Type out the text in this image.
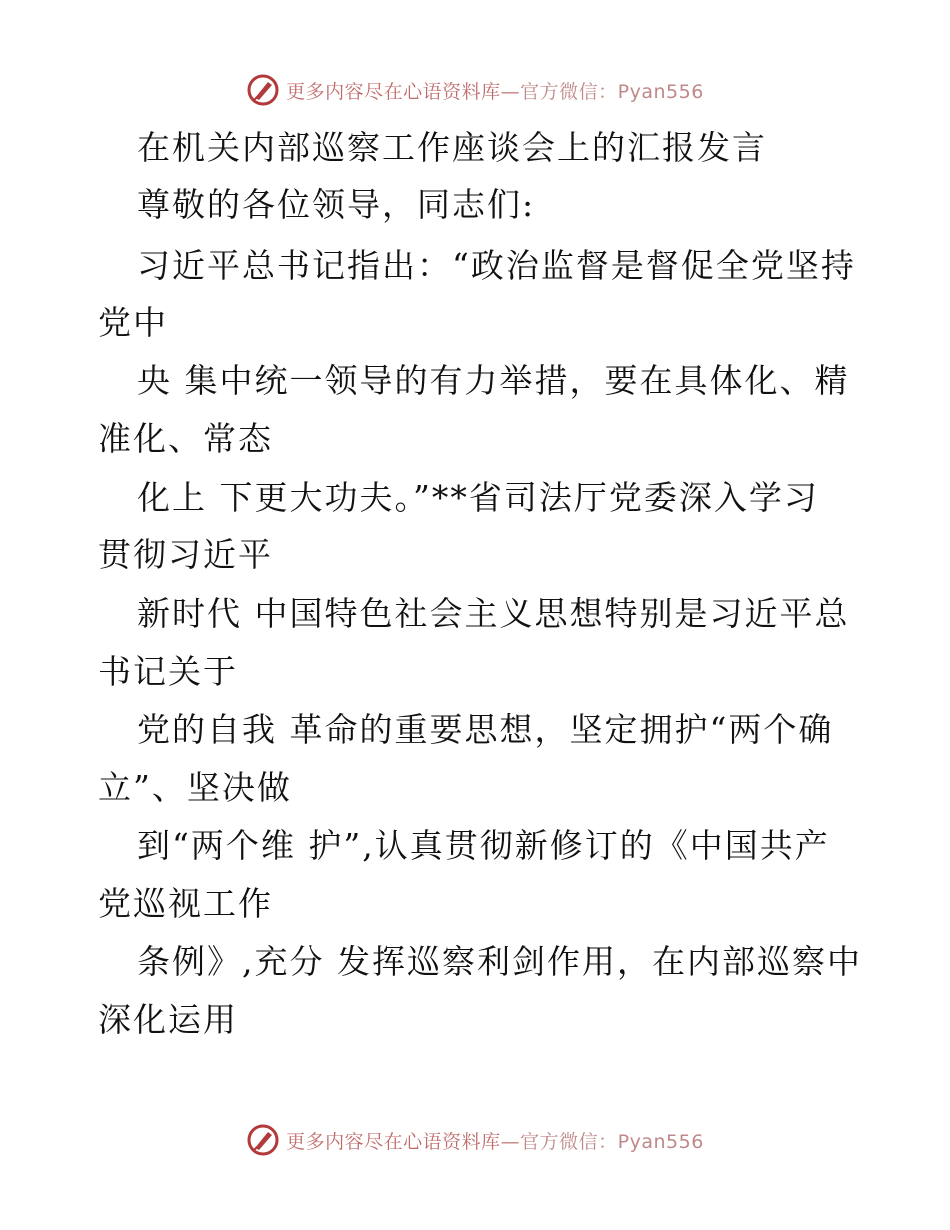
更多内容尽在心语资料库—官方微信：Pyan556
在机关内部巡察工作座谈会上的汇报发言
尊敬的各位领导，同志们:
习近平总书记指出：“政治监督是督促全党坚持
党中
央 集中统一领导的有力举措，要在具体化、精
准化、常态
化上 下更大功夫。”**省司法厅党委深入学习
贯彻习近平
新时代 中国特色社会主义思想特别是习近平总
书记关于
党的自我 革命的重要思想，坚定拥护“两个确
立”、坚决做
到“两个维 护”,认真贯彻新修订的《中国共产
党巡视工作
条例》,充分 发挥巡察利剑作用，在内部巡察中
深化运用
更多内容尽在心语资料库—官方微信：Pyan556
